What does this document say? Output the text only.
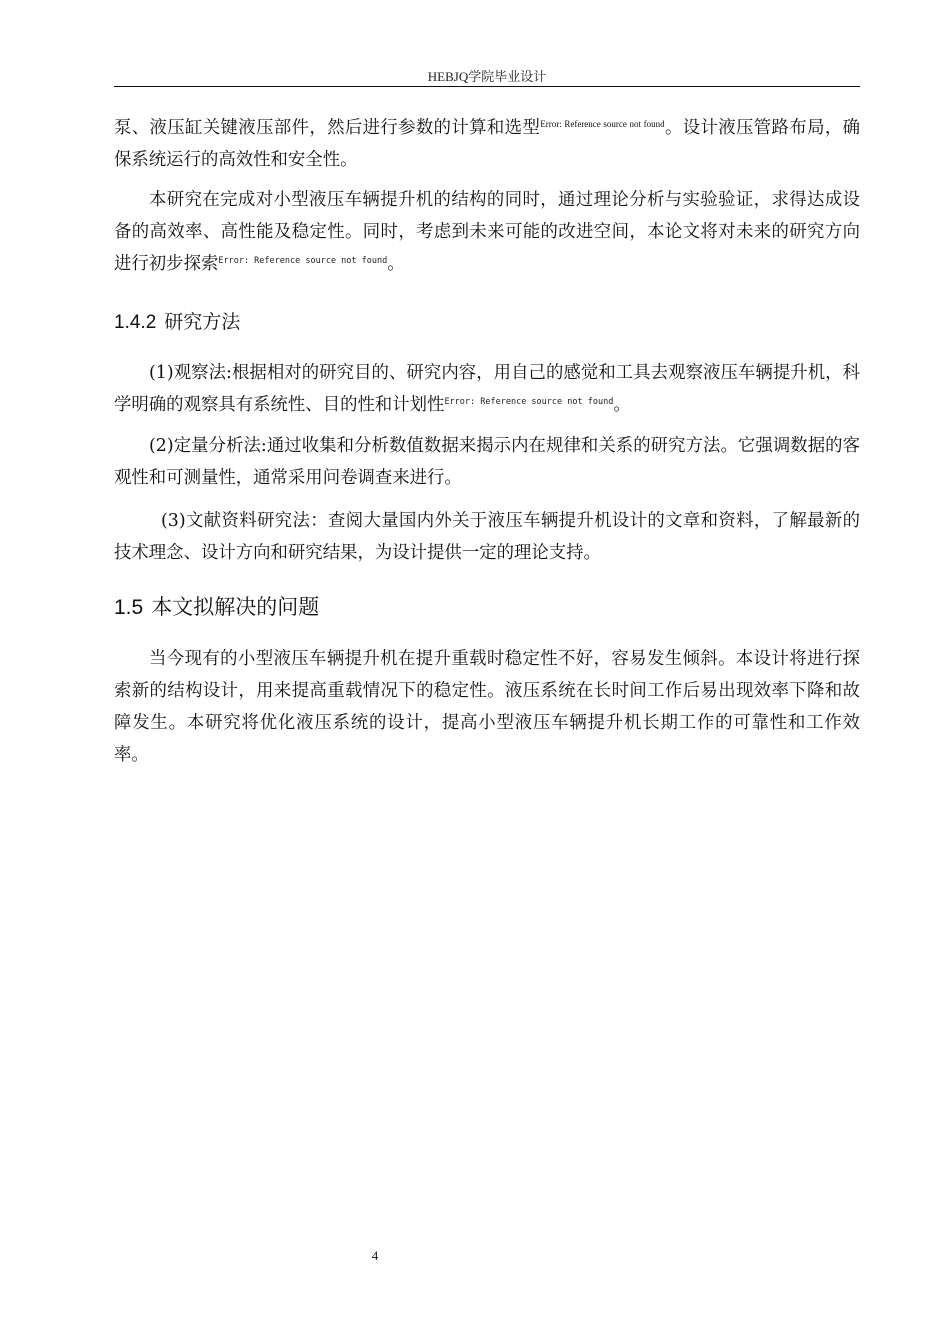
HEBJQ学院毕业设计

泵、液压缸关键液压部件，然后进行参数的计算和选型$^{Error: Reference source not found}$。设计液压管路布局，确保系统运行的高效性和安全性。

本研究在完成对小型液压车辆提升机的结构的同时，通过理论分析与实验验证，求得达成设备的高效率、高性能及稳定性。同时，考虑到未来可能的改进空间，本论文将对未来的研究方向进行初步探索$^{Error: Reference source not found}$。

1.4.2 研究方法

(1)观察法:根据相对的研究目的、研究内容，用自己的感觉和工具去观察液压车辆提升机，科学明确的观察具有系统性、目的性和计划性$^{Error: Reference source not found}$。

(2)定量分析法:通过收集和分析数值数据来揭示内在规律和关系的研究方法。它强调数据的客观性和可测量性，通常采用问卷调查来进行。

(3)文献资料研究法：查阅大量国内外关于液压车辆提升机设计的文章和资料，了解最新的技术理念、设计方向和研究结果，为设计提供一定的理论支持。

1.5 本文拟解决的问题

当今现有的小型液压车辆提升机在提升重载时稳定性不好，容易发生倾斜。本设计将进行探索新的结构设计，用来提高重载情况下的稳定性。液压系统在长时间工作后易出现效率下降和故障发生。本研究将优化液压系统的设计，提高小型液压车辆提升机长期工作的可靠性和工作效率。

4
